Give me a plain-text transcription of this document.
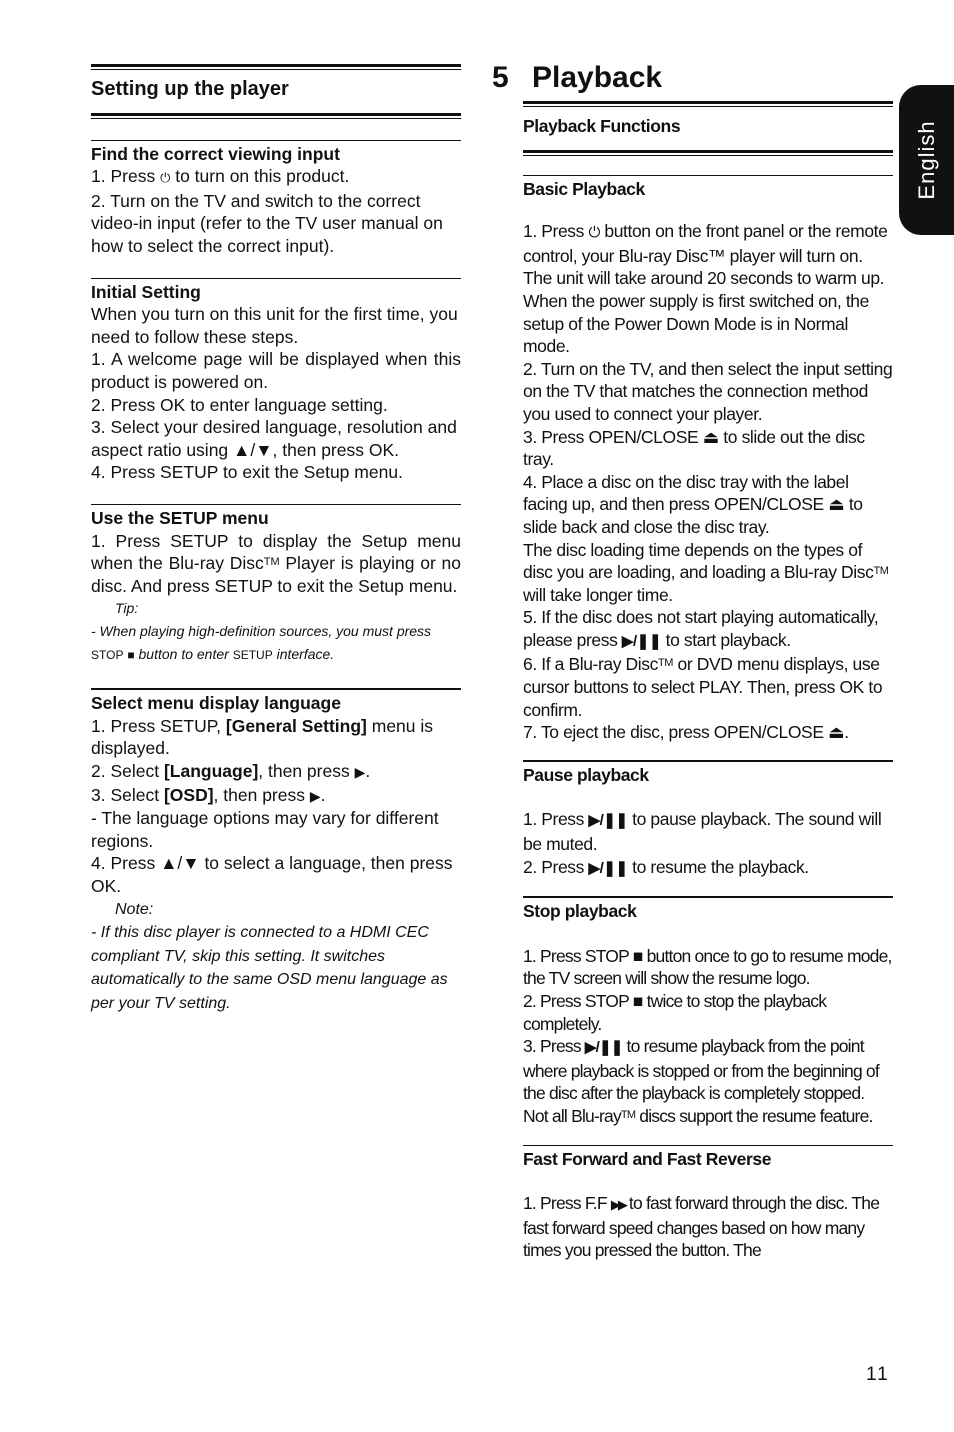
Setting up the player

Find the correct viewing input

1. Press ⏻ to turn on this product.

2. Turn on the TV and switch to the correct video-in input (refer to the TV user manual on how to select the correct input).

Initial Setting

When you turn on this unit for the first time, you need to follow these steps.

1. A welcome page will be displayed when this product is powered on.

2. Press OK to enter language setting.

3. Select your desired language, resolution and aspect ratio using ▲/▼, then press OK.

4. Press SETUP to exit the Setup menu.

Use the SETUP menu

1. Press SETUP to display the Setup menu when the Blu-ray Disc™ Player is playing or no disc. And press SETUP to exit the Setup menu.

Tip:

- When playing high-definition sources, you must press STOP ■ button to enter SETUP interface.

Select menu display language

1. Press SETUP, [General Setting] menu is displayed.

2. Select [Language], then press ▶.

3. Select [OSD], then press ▶.

- The language options may vary for different regions.

4. Press ▲/▼ to select a language, then press OK.

Note:

- If this disc player is connected to a HDMI CEC compliant TV, skip this setting. It switches automatically to the same OSD menu language as per your TV setting.

5 Playback

Playback Functions

Basic Playback

1. Press ⏻ button on the front panel or the remote control, your Blu-ray Disc™ player will turn on.

The unit will take around 20 seconds to warm up. When the power supply is first switched on, the setup of the Power Down Mode is in Normal mode.

2. Turn on the TV, and then select the input setting on the TV that matches the connection method you used to connect your player.

3. Press OPEN/CLOSE ⏏ to slide out the disc tray.

4. Place a disc on the disc tray with the label facing up, and then press OPEN/CLOSE ⏏ to slide back and close the disc tray.

The disc loading time depends on the types of disc you are loading, and loading a Blu-ray Disc™ will take longer time.

5. If the disc does not start playing automatically, please press ▶/❚❚ to start playback.

6. If a Blu-ray Disc™ or DVD menu displays, use cursor buttons to select PLAY. Then, press OK to confirm.

7. To eject the disc, press OPEN/CLOSE ⏏.

Pause playback

1. Press ▶/❚❚ to pause playback. The sound will be muted.

2. Press ▶/❚❚ to resume the playback.

Stop playback

1. Press STOP ■ button once to go to resume mode, the TV screen will show the resume logo.

2. Press STOP ■ twice to stop the playback completely.

3. Press ▶/❚❚ to resume playback from the point where playback is stopped or from the beginning of the disc after the playback is completely stopped.

Not all Blu-ray™ discs support the resume feature.

Fast Forward and Fast Reverse

1. Press F.F ▶▶ to fast forward through the disc. The fast forward speed changes based on how many times you pressed the button. The

English
11
